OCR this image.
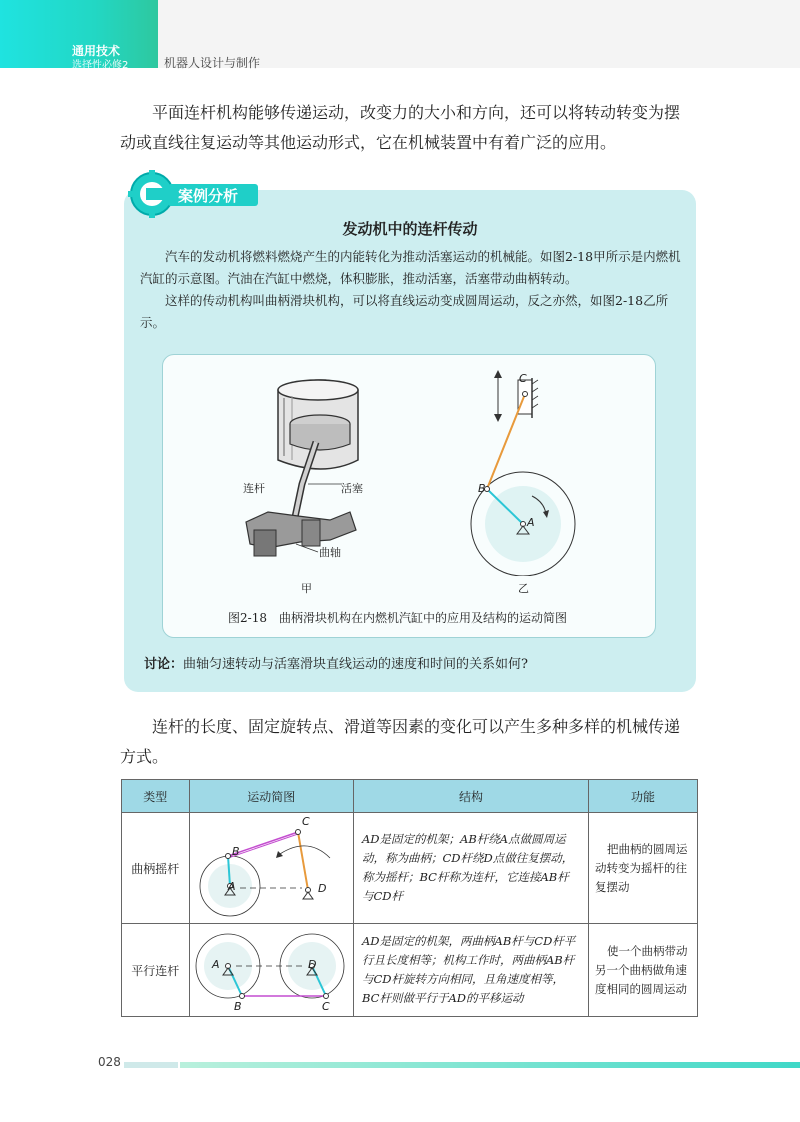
通用技术
选择性必修2	机器人设计与制作
平面连杆机构能够传递运动，改变力的大小和方向，还可以将转动转变为摆动或直线往复运动等其他运动形式，它在机械装置中有着广泛的应用。
案例分析
发动机中的连杆传动
汽车的发动机将燃料燃烧产生的内能转化为推动活塞运动的机械能。如图2-18甲所示是内燃机汽缸的示意图。汽油在汽缸中燃烧，体积膨胀，推动活塞，活塞带动曲柄转动。
这样的传动机构叫曲柄滑块机构，可以将直线运动变成圆周运动，反之亦然，如图2-18乙所示。
连杆	活塞
曲轴
甲
C
B
A
乙
图2-18　曲柄滑块机构在内燃机汽缸中的应用及结构的运动简图
讨论：曲轴匀速转动与活塞滑块直线运动的速度和时间的关系如何?
连杆的长度、固定旋转点、滑道等因素的变化可以产生多种多样的机械传递方式。
类型	运动简图	结构	功能
曲柄摇杆		AD是固定的机架；AB杆绕A点做圆周运动，称为曲柄；CD杆绕D点做往复摆动，称为摇杆；BC杆称为连杆，它连接AB杆与CD杆	把曲柄的圆周运动转变为摇杆的往复摆动

平行连杆		AD是固定的机架，两曲柄AB杆与CD杆平行且长度相等；机构工作时，两曲柄AB杆与CD杆旋转方向相同，且角速度相等，BC杆则做平行于AD的平移运动	使一个曲柄带动另一个曲柄做角速度相同的圆周运动
B
C
A	D
A
B	C
D
028
